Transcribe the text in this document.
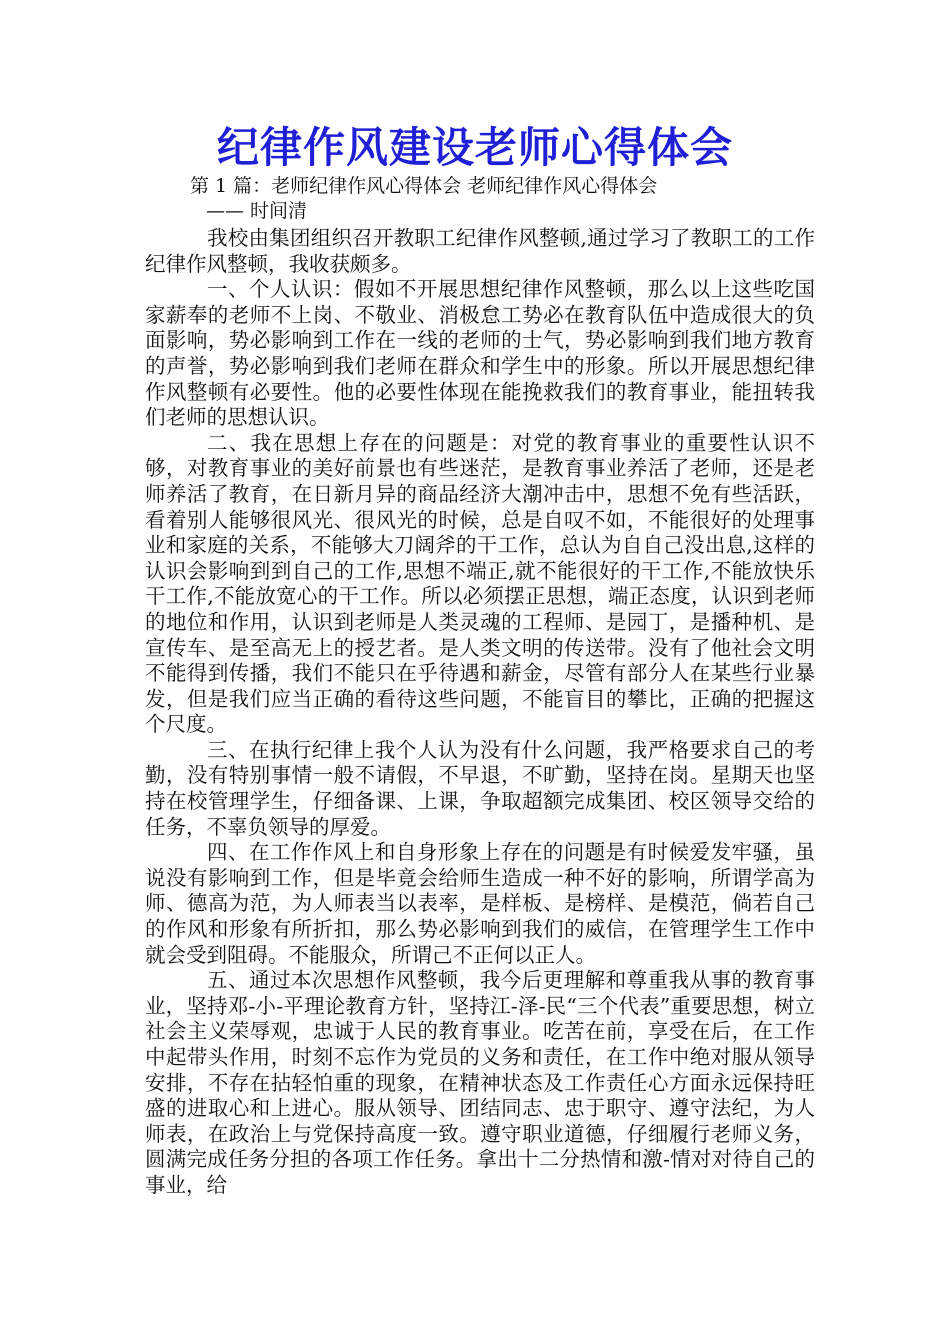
纪律作风建设老师心得体会

第 1 篇：老师纪律作风心得体会 老师纪律作风心得体会

—— 时间清

我校由集团组织召开教职工纪律作风整顿,通过学习了教职工的工作纪律作风整顿，我收获颇多。

一、个人认识：假如不开展思想纪律作风整顿，那么以上这些吃国家薪奉的老师不上岗、不敬业、消极怠工势必在教育队伍中造成很大的负面影响，势必影响到工作在一线的老师的士气，势必影响到我们地方教育的声誉，势必影响到我们老师在群众和学生中的形象。所以开展思想纪律作风整顿有必要性。他的必要性体现在能挽救我们的教育事业，能扭转我们老师的思想认识。

二、我在思想上存在的问题是：对党的教育事业的重要性认识不够，对教育事业的美好前景也有些迷茫，是教育事业养活了老师，还是老师养活了教育，在日新月异的商品经济大潮冲击中，思想不免有些活跃，看着别人能够很风光、很风光的时候，总是自叹不如，不能很好的处理事业和家庭的关系，不能够大刀阔斧的干工作，总认为自自己没出息,这样的认识会影响到到自己的工作,思想不端正,就不能很好的干工作,不能放快乐干工作,不能放宽心的干工作。所以必须摆正思想，端正态度，认识到老师的地位和作用，认识到老师是人类灵魂的工程师、是园丁，是播种机、是宣传车、是至高无上的授艺者。是人类文明的传送带。没有了他社会文明不能得到传播，我们不能只在乎待遇和薪金，尽管有部分人在某些行业暴发，但是我们应当正确的看待这些问题，不能盲目的攀比，正确的把握这个尺度。

三、在执行纪律上我个人认为没有什么问题，我严格要求自己的考勤，没有特别事情一般不请假，不早退，不旷勤，坚持在岗。星期天也坚持在校管理学生，仔细备课、上课，争取超额完成集团、校区领导交给的任务，不辜负领导的厚爱。

四、在工作作风上和自身形象上存在的问题是有时候爱发牢骚，虽说没有影响到工作，但是毕竟会给师生造成一种不好的影响，所谓学高为师、德高为范，为人师表当以表率，是样板、是榜样、是模范，倘若自己的作风和形象有所折扣，那么势必影响到我们的威信，在管理学生工作中就会受到阻碍。不能服众，所谓己不正何以正人。

五、通过本次思想作风整顿，我今后更理解和尊重我从事的教育事业，坚持邓-小-平理论教育方针，坚持江-泽-民“三个代表”重要思想，树立社会主义荣辱观，忠诚于人民的教育事业。吃苦在前，享受在后，在工作中起带头作用，时刻不忘作为党员的义务和责任，在工作中绝对服从领导安排，不存在拈轻怕重的现象，在精神状态及工作责任心方面永远保持旺盛的进取心和上进心。服从领导、团结同志、忠于职守、遵守法纪，为人师表，在政治上与党保持高度一致。遵守职业道德，仔细履行老师义务，圆满完成任务分担的各项工作任务。拿出十二分热情和激-情对对待自己的事业，给
